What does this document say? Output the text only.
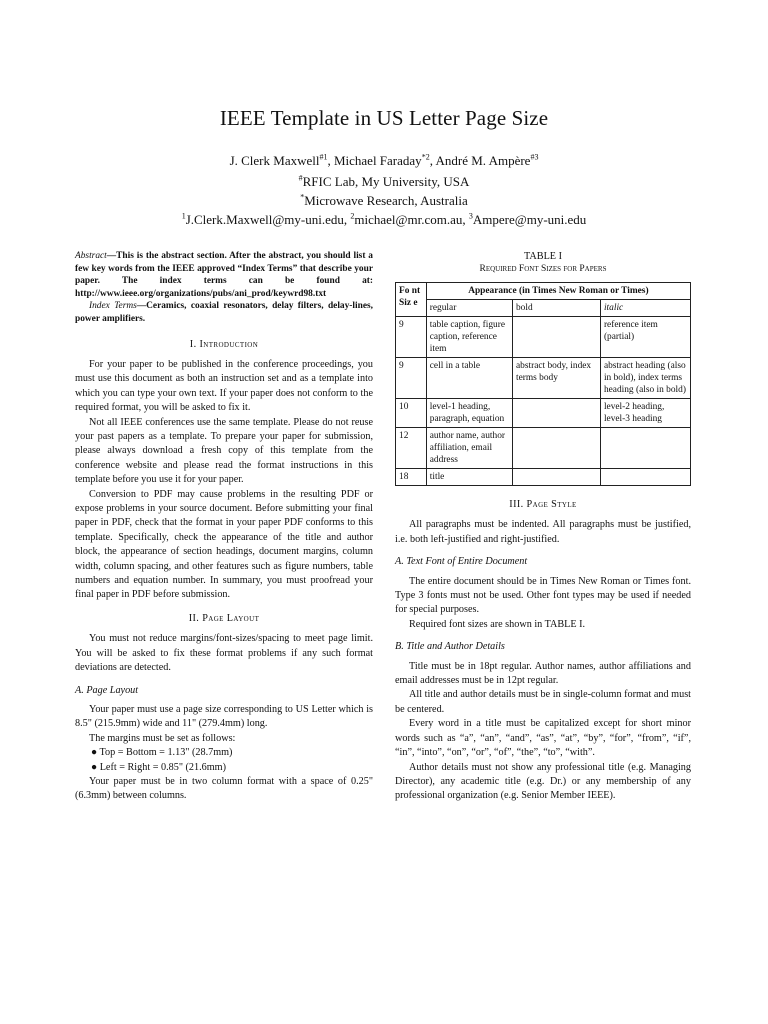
IEEE Template in US Letter Page Size
J. Clerk Maxwell$^{\#1}$, Michael Faraday$^{*2}$, André M. Ampère$^{\#3}$
#RFIC Lab, My University, USA
*Microwave Research, Australia
$^1$J.Clerk.Maxwell@my-uni.edu, $^2$michael@mr.com.au, $^3$Ampere@my-uni.edu
Abstract—This is the abstract section. After the abstract, you should list a few key words from the IEEE approved “Index Terms” that describe your paper. The index terms can be found at: http://www.ieee.org/organizations/pubs/ani_prod/keywrd98.txt
Index Terms—Ceramics, coaxial resonators, delay filters, delay-lines, power amplifiers.
I. Introduction

For your paper to be published in the conference proceedings, you must use this document as both an instruction set and as a template into which you can type your own text. If your paper does not conform to the required format, you will be asked to fix it.

Not all IEEE conferences use the same template. Please do not reuse your past papers as a template. To prepare your paper for submission, please always download a fresh copy of this template from the conference website and please read the format instructions in this template before you use it for your paper.

Conversion to PDF may cause problems in the resulting PDF or expose problems in your source document. Before submitting your final paper in PDF, check that the format in your paper PDF conforms to this template. Specifically, check the appearance of the title and author block, the appearance of section headings, document margins, column width, column spacing, and other features such as figure numbers, table numbers and equation number. In summary, you must proofread your final paper in PDF before submission.

II. Page Layout

You must not reduce margins/font-sizes/spacing to meet page limit. You will be asked to fix these format problems if any such format deviations are detected.

A. Page Layout

Your paper must use a page size corresponding to US Letter which is 8.5" (215.9mm) wide and 11" (279.4mm) long.

The margins must be set as follows:

● Top = Bottom = 1.13" (28.7mm)

● Left = Right = 0.85" (21.6mm)

Your paper must be in two column format with a space of 0.25" (6.3mm) between columns.

TABLE I
Required Font Sizes for Papers
Fo nt Siz e	Appearance (in Times New Roman or Times)		
	regular	bold	italic
9	table caption, figure caption, reference item		reference item (partial)
9	cell in a table	abstract body, index terms body	abstract heading (also in bold), index terms heading (also in bold)
10	level-1 heading, paragraph, equation		level-2 heading, level-3 heading
12	author name, author affiliation, email address		
18	title		
III. Page Style

All paragraphs must be indented. All paragraphs must be justified, i.e. both left-justified and right-justified.

A. Text Font of Entire Document

The entire document should be in Times New Roman or Times font. Type 3 fonts must not be used. Other font types may be used if needed for special purposes.

Required font sizes are shown in TABLE I.

B. Title and Author Details

Title must be in 18pt regular. Author names, author affiliations and email addresses must be in 12pt regular.

All title and author details must be in single-column format and must be centered.

Every word in a title must be capitalized except for short minor words such as “a”, “an”, “and”, “as”, “at”, “by”, “for”, “from”, “if”, “in”, “into”, “on”, “or”, “of”, “the”, “to”, “with”.

Author details must not show any professional title (e.g. Managing Director), any academic title (e.g. Dr.) or any membership of any professional organization (e.g. Senior Member IEEE).
